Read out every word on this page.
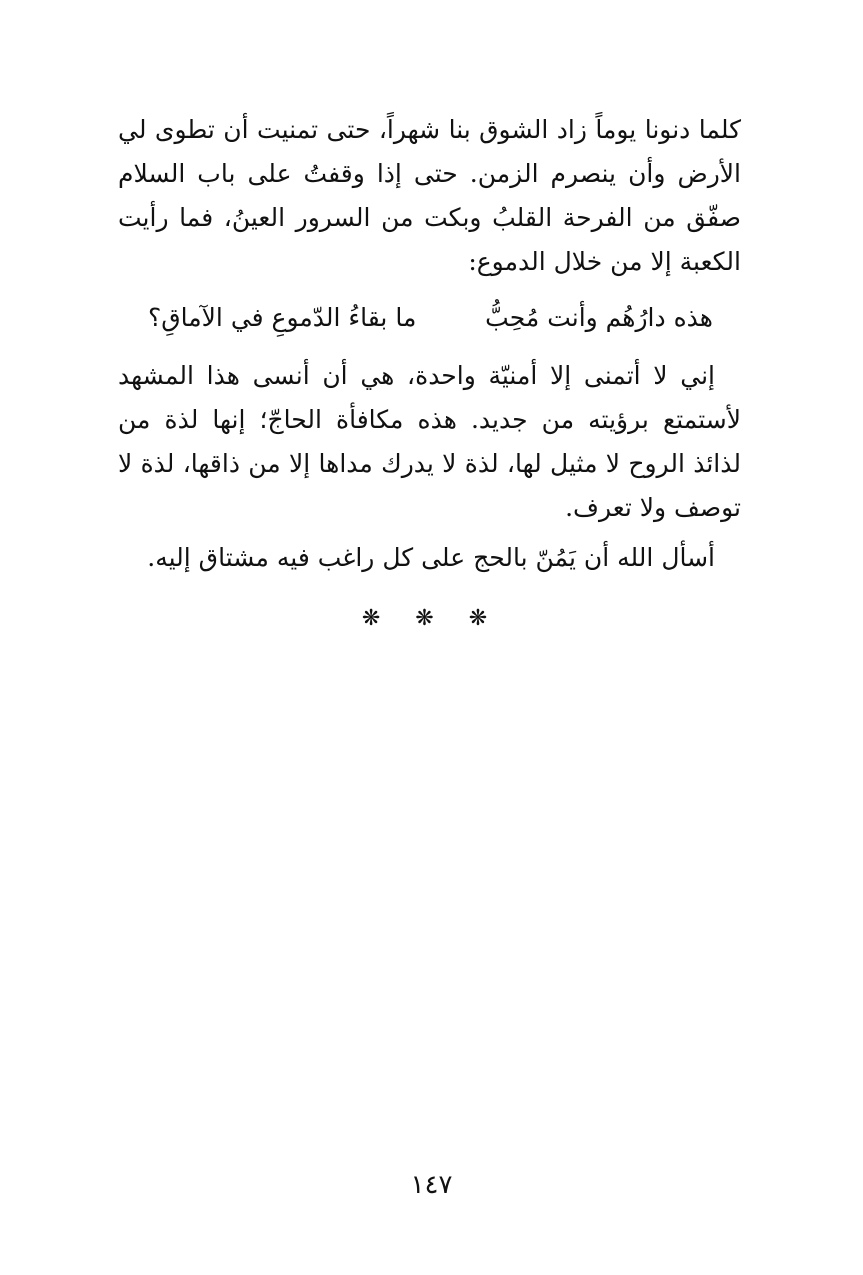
كلما دنونا يوماً زاد الشوق بنا شهراً، حتى تمنيت أن تطوى لي الأرض وأن ينصرم الزمن. حتى إذا وقفتُ على باب السلام صفّق من الفرحة القلبُ وبكت من السرور العينُ، فما رأيت الكعبة إلا من خلال الدموع:

هذه دارُهُم وأنت مُحِبُّ
ما بقاءُ الدّموعِ في الآماقِ؟

إني لا أتمنى إلا أمنيّة واحدة، هي أن أنسى هذا المشهد لأستمتع برؤيته من جديد. هذه مكافأة الحاجّ؛ إنها لذة من لذائذ الروح لا مثيل لها، لذة لا يدرك مداها إلا من ذاقها، لذة لا توصف ولا تعرف.

أسأل الله أن يَمُنّ بالحج على كل راغب فيه مشتاق إليه.

❋ ❋ ❋
١٤٧
